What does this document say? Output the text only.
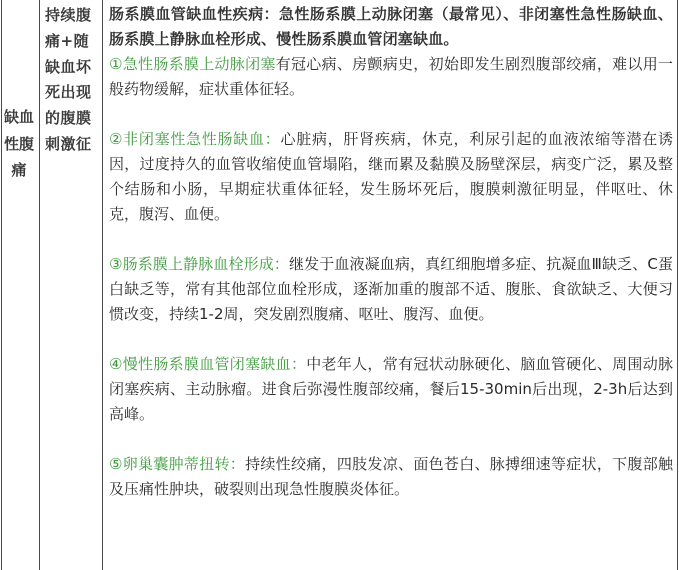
缺血性腹痛
持续腹痛+随缺血坏死出现的腹膜刺激征

肠系膜血管缺血性疾病：急性肠系膜上动脉闭塞（最常见）、非闭塞性急性肠缺血、肠系膜上静脉血栓形成、慢性肠系膜血管闭塞缺血。

①急性肠系膜上动脉闭塞有冠心病、房颤病史，初始即发生剧烈腹部绞痛，难以用一般药物缓解，症状重体征轻。

②非闭塞性急性肠缺血：心脏病，肝肾疾病，休克，利尿引起的血液浓缩等潜在诱因，过度持久的血管收缩使血管塌陷，继而累及黏膜及肠壁深层，病变广泛，累及整个结肠和小肠，早期症状重体征轻，发生肠坏死后，腹膜刺激征明显，伴呕吐、休克，腹泻、血便。

③肠系膜上静脉血栓形成：继发于血液凝血病，真红细胞增多症、抗凝血Ⅲ缺乏、C蛋白缺乏等，常有其他部位血栓形成，逐渐加重的腹部不适、腹胀、食欲缺乏、大便习惯改变，持续1-2周，突发剧烈腹痛、呕吐、腹泻、血便。

④慢性肠系膜血管闭塞缺血：中老年人，常有冠状动脉硬化、脑血管硬化、周围动脉闭塞疾病、主动脉瘤。进食后弥漫性腹部绞痛，餐后15-30min后出现，2-3h后达到高峰。

⑤卵巢囊肿蒂扭转：持续性绞痛，四肢发凉、面色苍白、脉搏细速等症状，下腹部触及压痛性肿块，破裂则出现急性腹膜炎体征。
